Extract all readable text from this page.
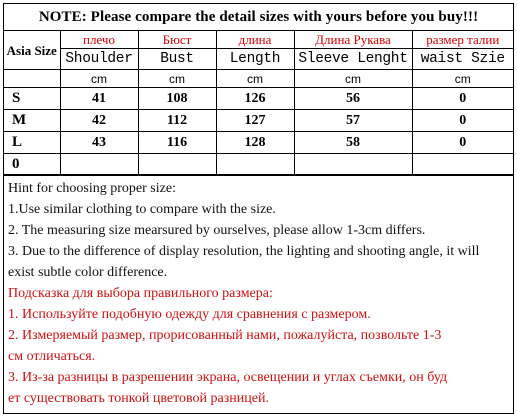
NOTE: Please compare the detail sizes with yours before you buy!!!
Asia Size	плечо	Бюст	длина	Длина Рукава	размер талии
	Shoulder	Bust	Length	Sleeve Lenght	waist Szie
	cm	cm	cm	cm	cm
S	41	108	126	56	0
M	42	112	127	57	0
L	43	116	128	58	0
0					
Hint for choosing proper size:
1.Use similar clothing to compare with the size.
2. The measuring size mearsured by ourselves, please allow 1-3cm differs.
3. Due to the difference of display resolution, the lighting and shooting angle, it will
exist subtle color difference.
Подсказка для выбора правильного размера:
1. Используйте подобную одежду для сравнения с размером.
2. Измеряемый размер, прорисованный нами, пожалуйста, позвольте 1-3
см отличаться.
3. Из-за разницы в разрешении экрана, освещении и углах съемки, он буд
ет существовать тонкой цветовой разницей.
